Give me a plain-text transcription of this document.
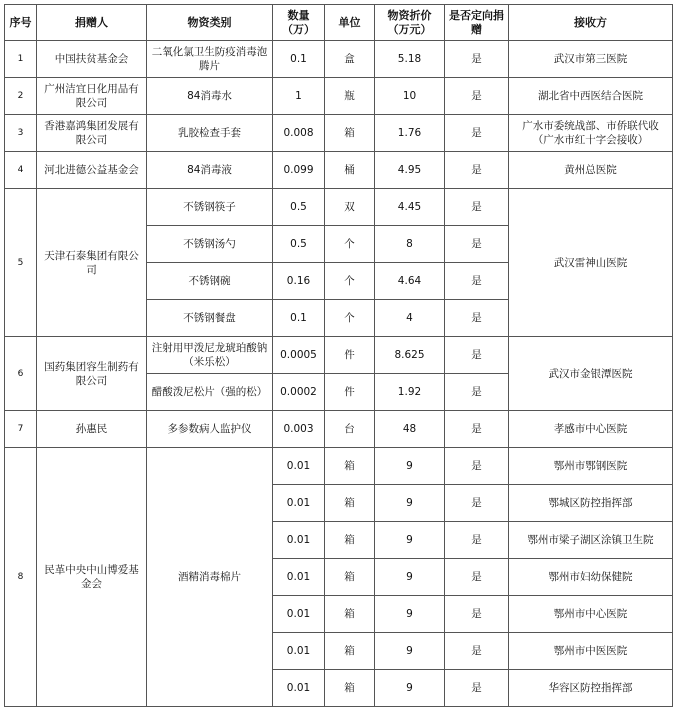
序号	捐赠人	物资类别	数量（万）	单位	物资折价（万元）	是否定向捐赠	接收方
1	中国扶贫基金会	二氧化氯卫生防疫消毒泡腾片	0.1	盒	5.18	是	武汉市第三医院
2	广州洁宜日化用品有限公司	84消毒水	1	瓶	10	是	湖北省中西医结合医院
3	香港嘉鸿集团发展有限公司	乳胶检查手套	0.008	箱	1.76	是	广水市委统战部、市侨联代收（广水市红十字会接收）
4	河北进德公益基金会	84消毒液	0.099	桶	4.95	是	黄州总医院
5	天津石泰集团有限公司	不锈钢筷子	0.5	双	4.45	是	武汉雷神山医院
		不锈钢汤勺	0.5	个	8	是	
		不锈钢碗	0.16	个	4.64	是	
		不锈钢餐盘	0.1	个	4	是	
6	国药集团容生制药有限公司	注射用甲泼尼龙琥珀酸钠（米乐松）	0.0005	件	8.625	是	武汉市金银潭医院
		醋酸泼尼松片（强的松）	0.0002	件	1.92	是	
7	孙惠民	多参数病人监护仪	0.003	台	48	是	孝感市中心医院
8	民革中央中山博爱基金会	酒精消毒棉片	0.01	箱	9	是	鄂州市鄂钢医院
			0.01	箱	9	是	鄂城区防控指挥部
			0.01	箱	9	是	鄂州市梁子湖区涂镇卫生院
			0.01	箱	9	是	鄂州市妇幼保健院
			0.01	箱	9	是	鄂州市中心医院
			0.01	箱	9	是	鄂州市中医医院
			0.01	箱	9	是	华容区防控指挥部
